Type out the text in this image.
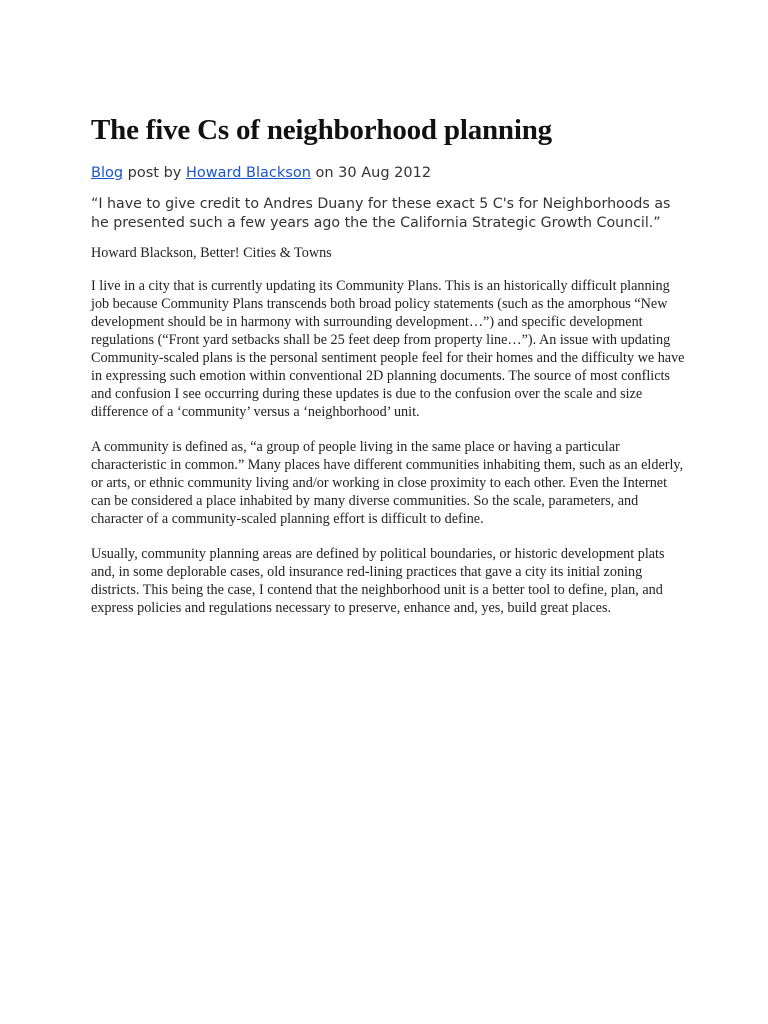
The five Cs of neighborhood planning

Blog post by Howard Blackson on 30 Aug 2012

“I have to give credit to Andres Duany for these exact 5 C's for Neighborhoods as he presented such a few years ago the the California Strategic Growth Council.”

Howard Blackson, Better! Cities & Towns

I live in a city that is currently updating its Community Plans. This is an historically difficult planning job because Community Plans transcends both broad policy statements (such as the amorphous “New development should be in harmony with surrounding development…”) and specific development regulations (“Front yard setbacks shall be 25 feet deep from property line…”). An issue with updating Community-scaled plans is the personal sentiment people feel for their homes and the difficulty we have in expressing such emotion within conventional 2D planning documents. The source of most conflicts and confusion I see occurring during these updates is due to the confusion over the scale and size difference of a ‘community’ versus a ‘neighborhood’ unit.

A community is defined as, “a group of people living in the same place or having a particular characteristic in common.” Many places have different communities inhabiting them, such as an elderly, or arts, or ethnic community living and/or working in close proximity to each other. Even the Internet can be considered a place inhabited by many diverse communities. So the scale, parameters, and character of a community-scaled planning effort is difficult to define.

Usually, community planning areas are defined by political boundaries, or historic development plats and, in some deplorable cases, old insurance red-lining practices that gave a city its initial zoning districts. This being the case, I contend that the neighborhood unit is a better tool to define, plan, and express policies and regulations necessary to preserve, enhance and, yes, build great places.
